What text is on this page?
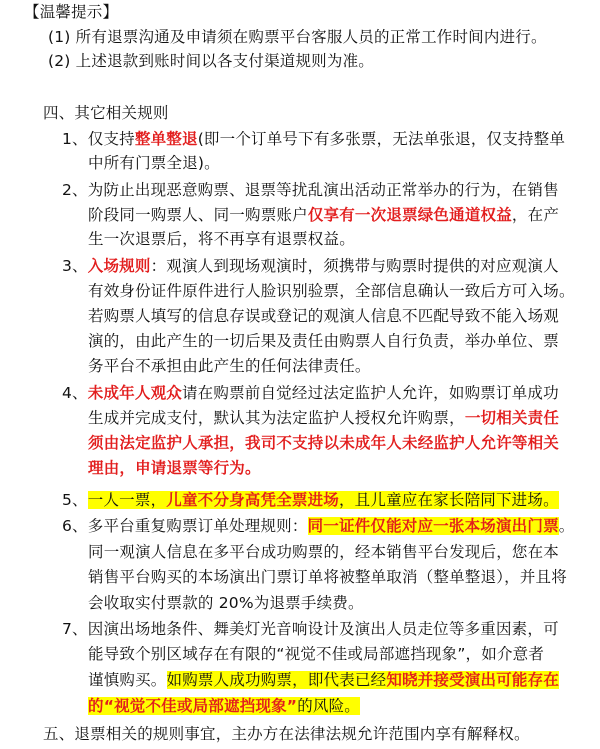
【温馨提示】
(1) 所有退票沟通及申请须在购票平台客服人员的正常工作时间内进行。
(2) 上述退款到账时间以各支付渠道规则为准。
四、其它相关规则
1、仅支持整单整退(即一个订单号下有多张票，无法单张退，仅支持整单
中所有门票全退)。
2、为防止出现恶意购票、退票等扰乱演出活动正常举办的行为，在销售
阶段同一购票人、同一购票账户仅享有一次退票绿色通道权益，在产
生一次退票后，将不再享有退票权益。
3、入场规则：观演人到现场观演时，须携带与购票时提供的对应观演人
有效身份证件原件进行人脸识别验票，全部信息确认一致后方可入场。
若购票人填写的信息存误或登记的观演人信息不匹配导致不能入场观
演的，由此产生的一切后果及责任由购票人自行负责，举办单位、票
务平台不承担由此产生的任何法律责任。
4、未成年人观众请在购票前自觉经过法定监护人允许，如购票订单成功
生成并完成支付，默认其为法定监护人授权允许购票，一切相关责任
须由法定监护人承担，我司不支持以未成年人未经监护人允许等相关
理由，申请退票等行为。
5、一人一票，儿童不分身高凭全票进场，且儿童应在家长陪同下进场。
6、多平台重复购票订单处理规则：同一证件仅能对应一张本场演出门票。
同一观演人信息在多平台成功购票的，经本销售平台发现后，您在本
销售平台购买的本场演出门票订单将被整单取消（整单整退），并且将
会收取实付票款的 20%为退票手续费。
7、因演出场地条件、舞美灯光音响设计及演出人员走位等多重因素，可
能导致个别区域存在有限的“视觉不佳或局部遮挡现象”，如介意者
谨慎购买。如购票人成功购票，即代表已经知晓并接受演出可能存在
的“视觉不佳或局部遮挡现象”的风险。
五、退票相关的规则事宜，主办方在法律法规允许范围内享有解释权。
